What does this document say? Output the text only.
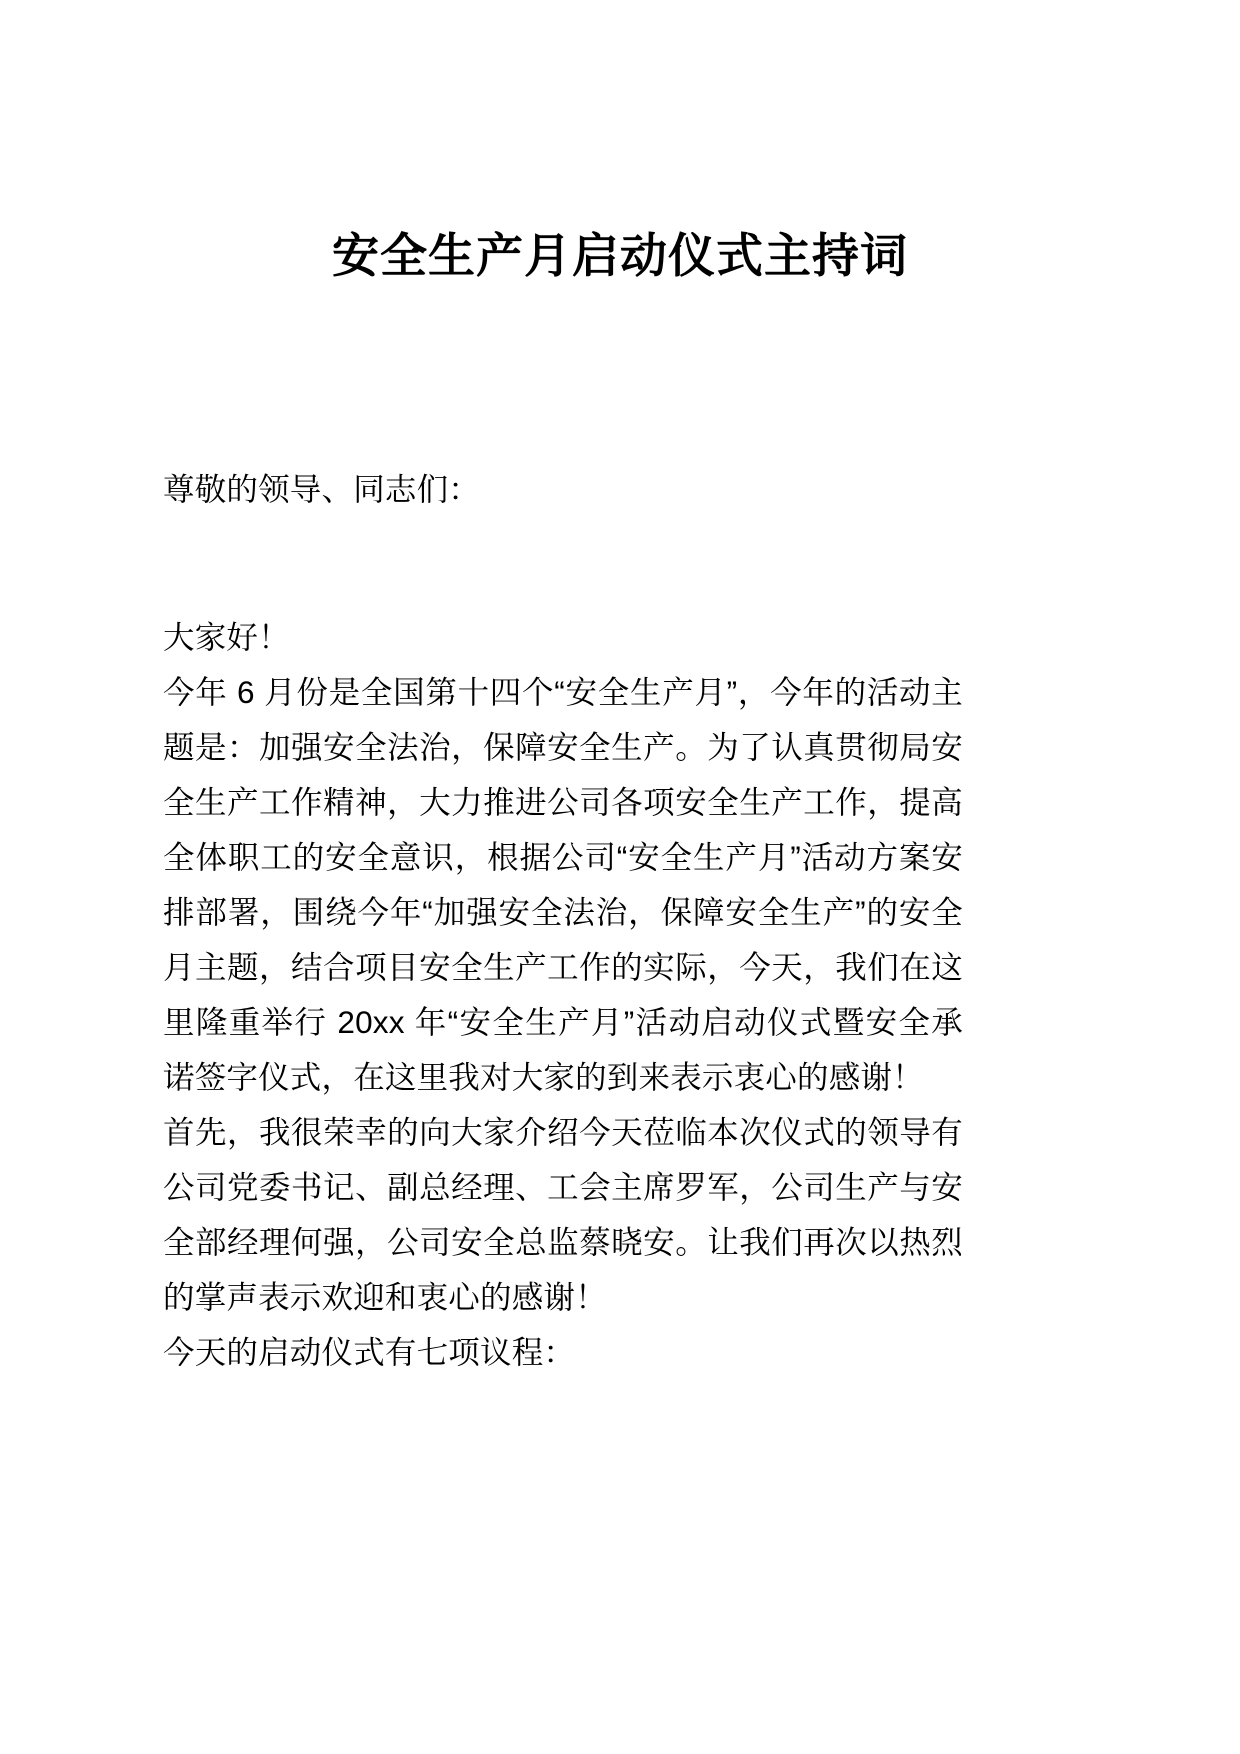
安全生产月启动仪式主持词

尊敬的领导、同志们：

大家好！

今年 6 月份是全国第十四个“安全生产月”，今年的活动主题是：加强安全法治，保障安全生产。为了认真贯彻局安全生产工作精神，大力推进公司各项安全生产工作，提高全体职工的安全意识，根据公司“安全生产月”活动方案安排部署，围绕今年“加强安全法治，保障安全生产”的安全月主题，结合项目安全生产工作的实际，今天，我们在这里隆重举行 20xx 年“安全生产月”活动启动仪式暨安全承诺签字仪式，在这里我对大家的到来表示衷心的感谢！

首先，我很荣幸的向大家介绍今天莅临本次仪式的领导有公司党委书记、副总经理、工会主席罗军，公司生产与安全部经理何强，公司安全总监蔡晓安。让我们再次以热烈的掌声表示欢迎和衷心的感谢！

今天的启动仪式有七项议程：
